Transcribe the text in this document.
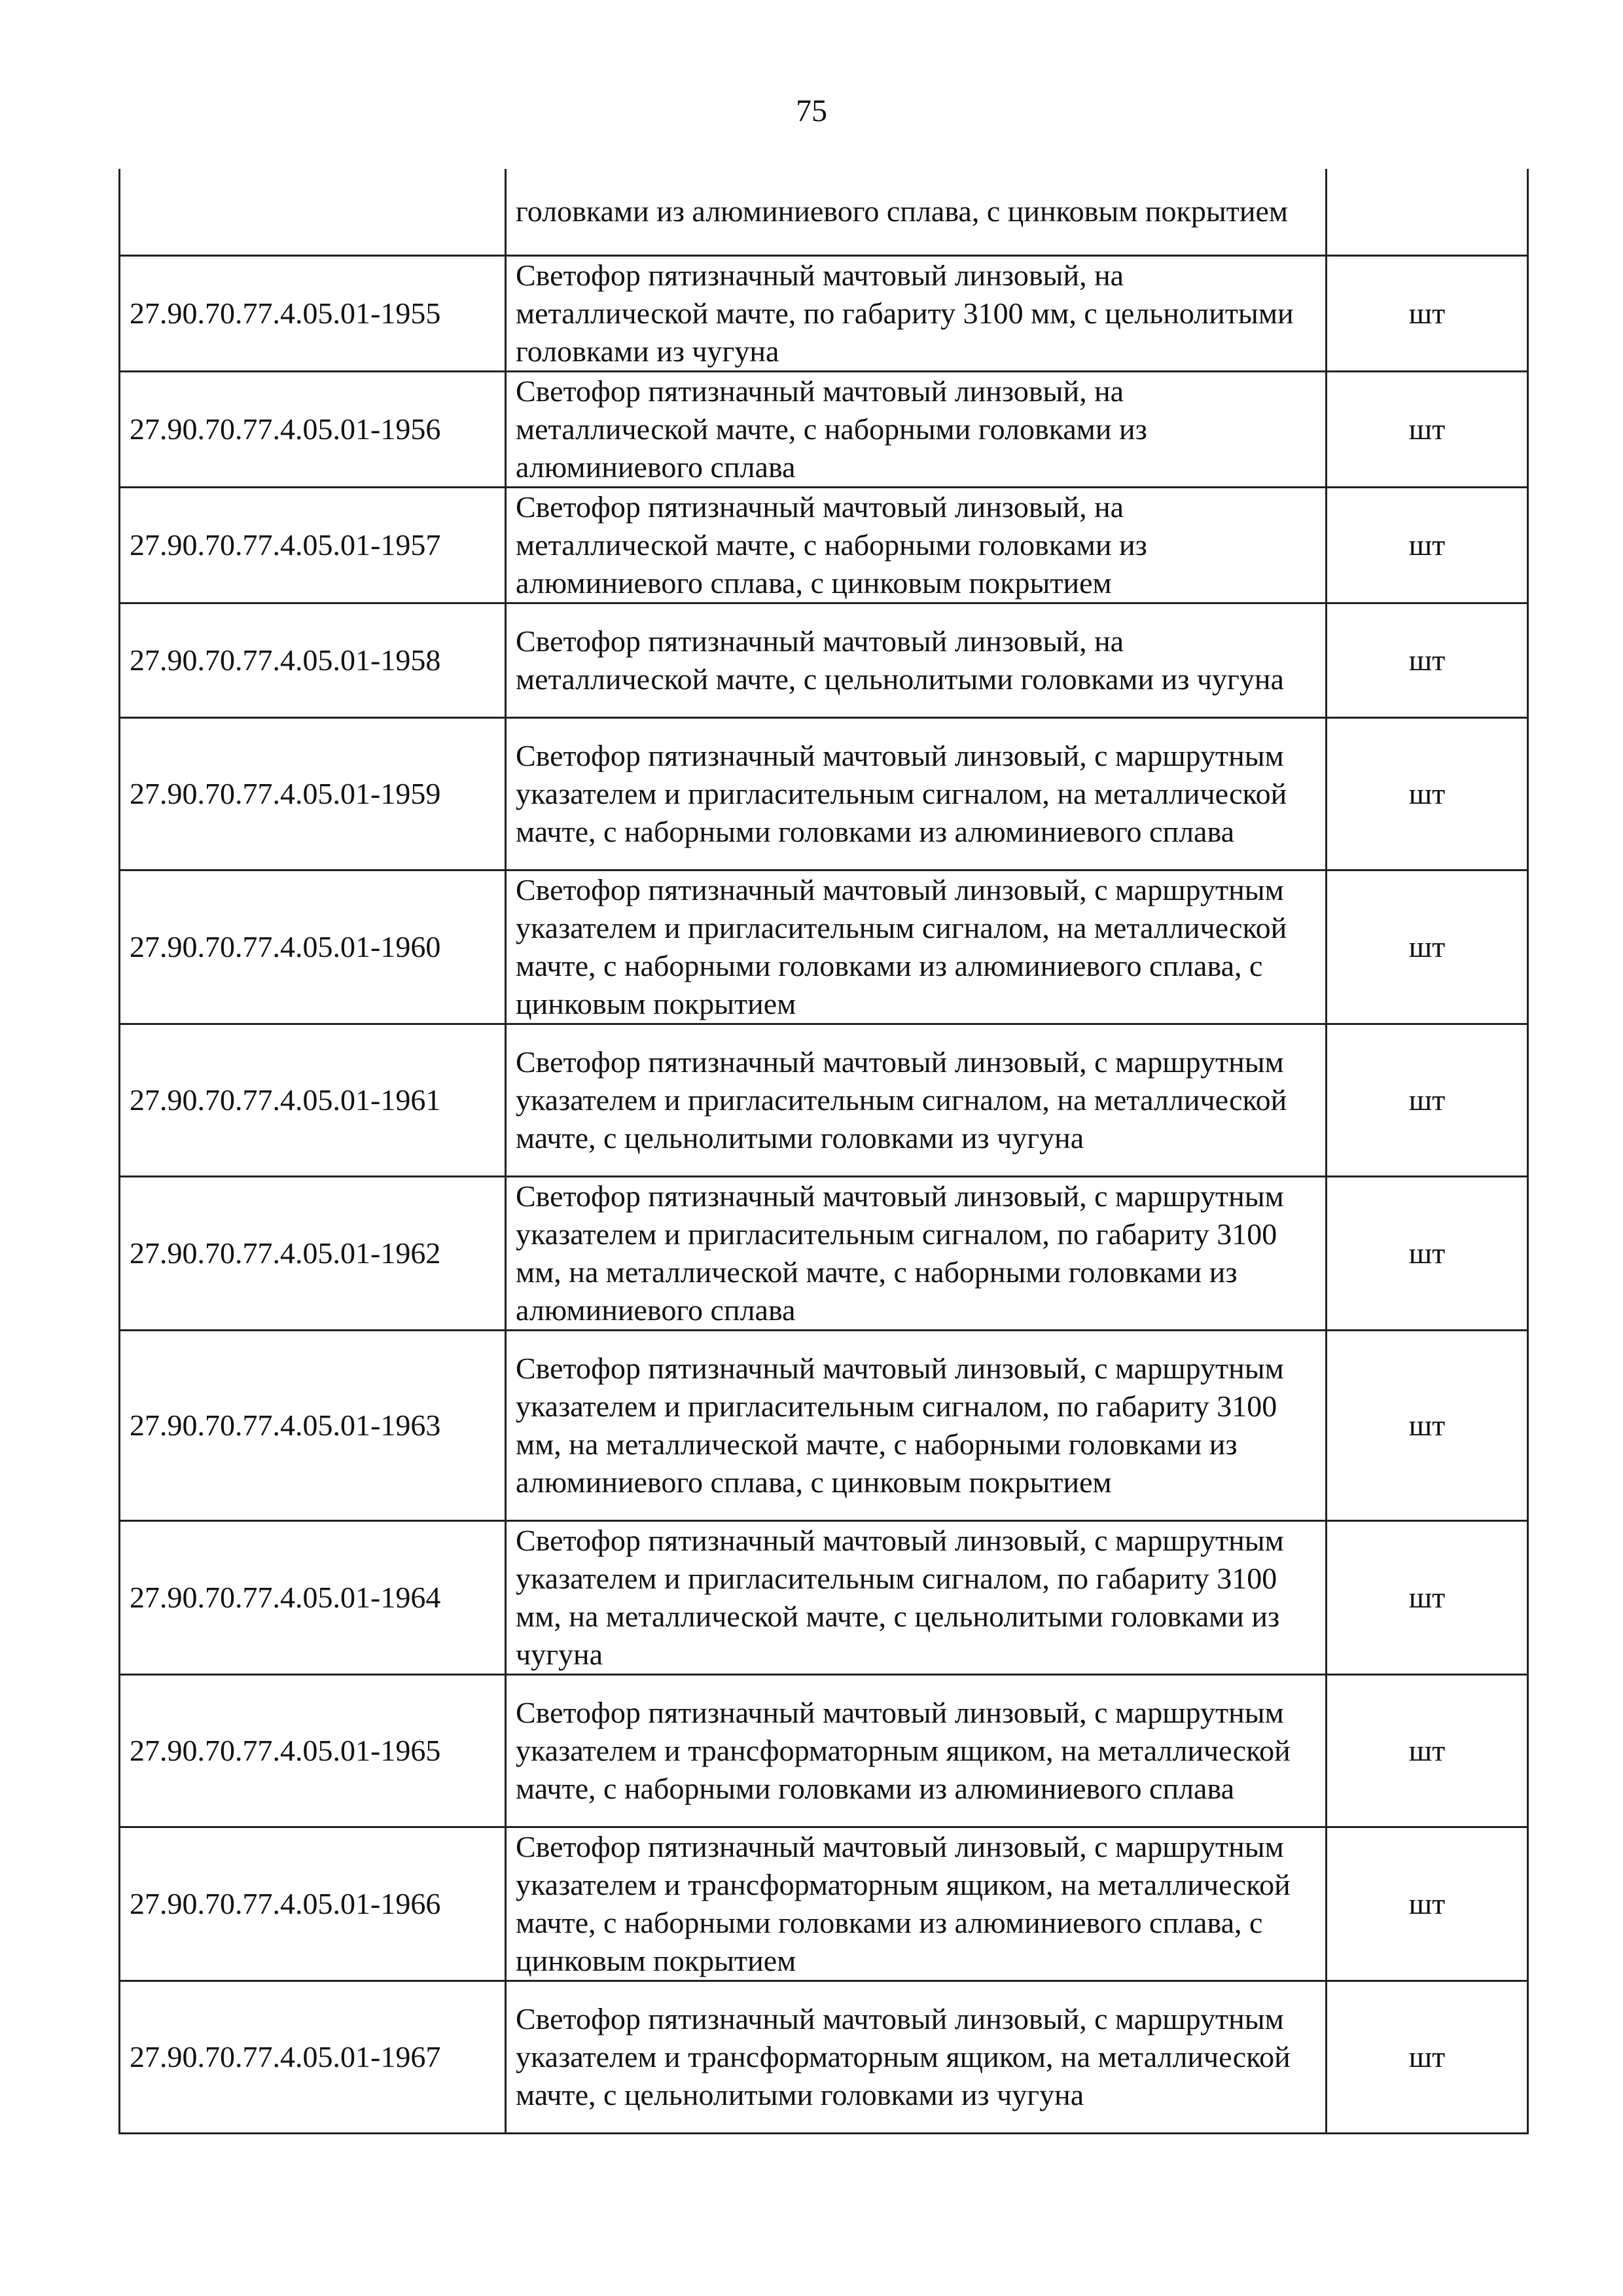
75
	головками из алюминиевого сплава, с цинковым покрытием	
27.90.70.77.4.05.01-1955	Светофор пятизначный мачтовый линзовый, на металлической мачте, по габариту 3100 мм, с цельнолитыми головками из чугуна	шт
27.90.70.77.4.05.01-1956	Светофор пятизначный мачтовый линзовый, на металлической мачте, с наборными головками из алюминиевого сплава	шт
27.90.70.77.4.05.01-1957	Светофор пятизначный мачтовый линзовый, на металлической мачте, с наборными головками из алюминиевого сплава, с цинковым покрытием	шт
27.90.70.77.4.05.01-1958	Светофор пятизначный мачтовый линзовый, на металлической мачте, с цельнолитыми головками из чугуна	шт
27.90.70.77.4.05.01-1959	Светофор пятизначный мачтовый линзовый, с маршрутным указателем и пригласительным сигналом, на металлической мачте, с наборными головками из алюминиевого сплава	шт
27.90.70.77.4.05.01-1960	Светофор пятизначный мачтовый линзовый, с маршрутным указателем и пригласительным сигналом, на металлической мачте, с наборными головками из алюминиевого сплава, с цинковым покрытием	шт
27.90.70.77.4.05.01-1961	Светофор пятизначный мачтовый линзовый, с маршрутным указателем и пригласительным сигналом, на металлической мачте, с цельнолитыми головками из чугуна	шт
27.90.70.77.4.05.01-1962	Светофор пятизначный мачтовый линзовый, с маршрутным указателем и пригласительным сигналом, по габариту 3100 мм, на металлической мачте, с наборными головками из алюминиевого сплава	шт
27.90.70.77.4.05.01-1963	Светофор пятизначный мачтовый линзовый, с маршрутным указателем и пригласительным сигналом, по габариту 3100 мм, на металлической мачте, с наборными головками из алюминиевого сплава, с цинковым покрытием	шт
27.90.70.77.4.05.01-1964	Светофор пятизначный мачтовый линзовый, с маршрутным указателем и пригласительным сигналом, по габариту 3100 мм, на металлической мачте, с цельнолитыми головками из чугуна	шт
27.90.70.77.4.05.01-1965	Светофор пятизначный мачтовый линзовый, с маршрутным указателем и трансформаторным ящиком, на металлической мачте, с наборными головками из алюминиевого сплава	шт
27.90.70.77.4.05.01-1966	Светофор пятизначный мачтовый линзовый, с маршрутным указателем и трансформаторным ящиком, на металлической мачте, с наборными головками из алюминиевого сплава, с цинковым покрытием	шт
27.90.70.77.4.05.01-1967	Светофор пятизначный мачтовый линзовый, с маршрутным указателем и трансформаторным ящиком, на металлической мачте, с цельнолитыми головками из чугуна	шт
